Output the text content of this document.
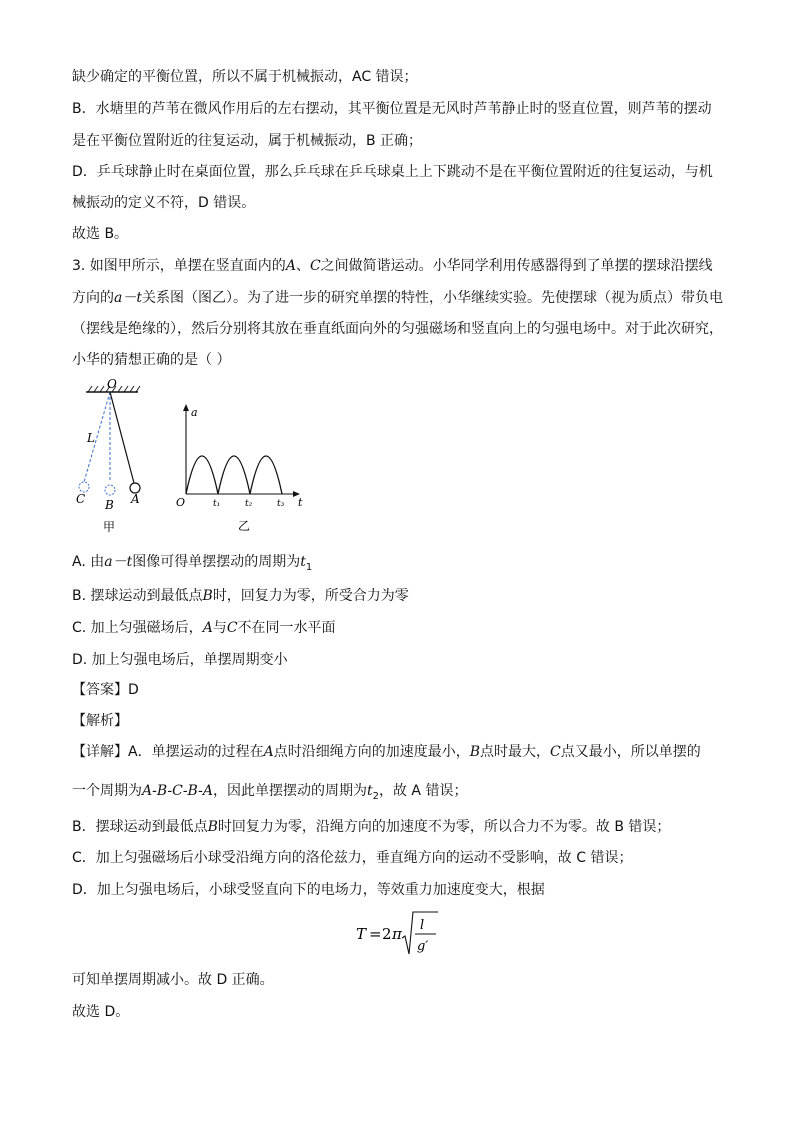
缺少确定的平衡位置，所以不属于机械振动，AC 错误；
B．水塘里的芦苇在微风作用后的左右摆动，其平衡位置是无风时芦苇静止时的竖直位置，则芦苇的摆动
是在平衡位置附近的往复运动，属于机械振动，B 正确；
D．乒乓球静止时在桌面位置，那么乒乓球在乒乓球桌上上下跳动不是在平衡位置附近的往复运动，与机
械振动的定义不符，D 错误。
故选 B。
3. 如图甲所示，单摆在竖直面内的A、C之间做简谐运动。小华同学利用传感器得到了单摆的摆球沿摆线
方向的a－t关系图（图乙）。为了进一步的研究单摆的特性，小华继续实验。先使摆球（视为质点）带负电
（摆线是绝缘的），然后分别将其放在垂直纸面向外的匀强磁场和竖直向上的匀强电场中。对于此次研究，
小华的猜想正确的是（ ）
O
L
C B A
甲
a
t
O	t₁	t₂	t₃
乙
A. 由a－t图像可得单摆摆动的周期为$t_1$
B. 摆球运动到最低点B时，回复力为零，所受合力为零
C. 加上匀强磁场后，A与C不在同一水平面
D. 加上匀强电场后，单摆周期变小
【答案】D
【解析】
【详解】A．单摆运动的过程在A点时沿细绳方向的加速度最小，B点时最大，C点又最小，所以单摆的
一个周期为A-B-C-B-A，因此单摆摆动的周期为$t_2$，故 A 错误；
B．摆球运动到最低点B时回复力为零，沿绳方向的加速度不为零，所以合力不为零。故 B 错误；
C．加上匀强磁场后小球受沿绳方向的洛伦兹力，垂直绳方向的运动不受影响，故 C 错误；
D．加上匀强电场后，小球受竖直向下的电场力，等效重力加速度变大，根据
T = 2 π l
g′
可知单摆周期减小。故 D 正确。
故选 D。
